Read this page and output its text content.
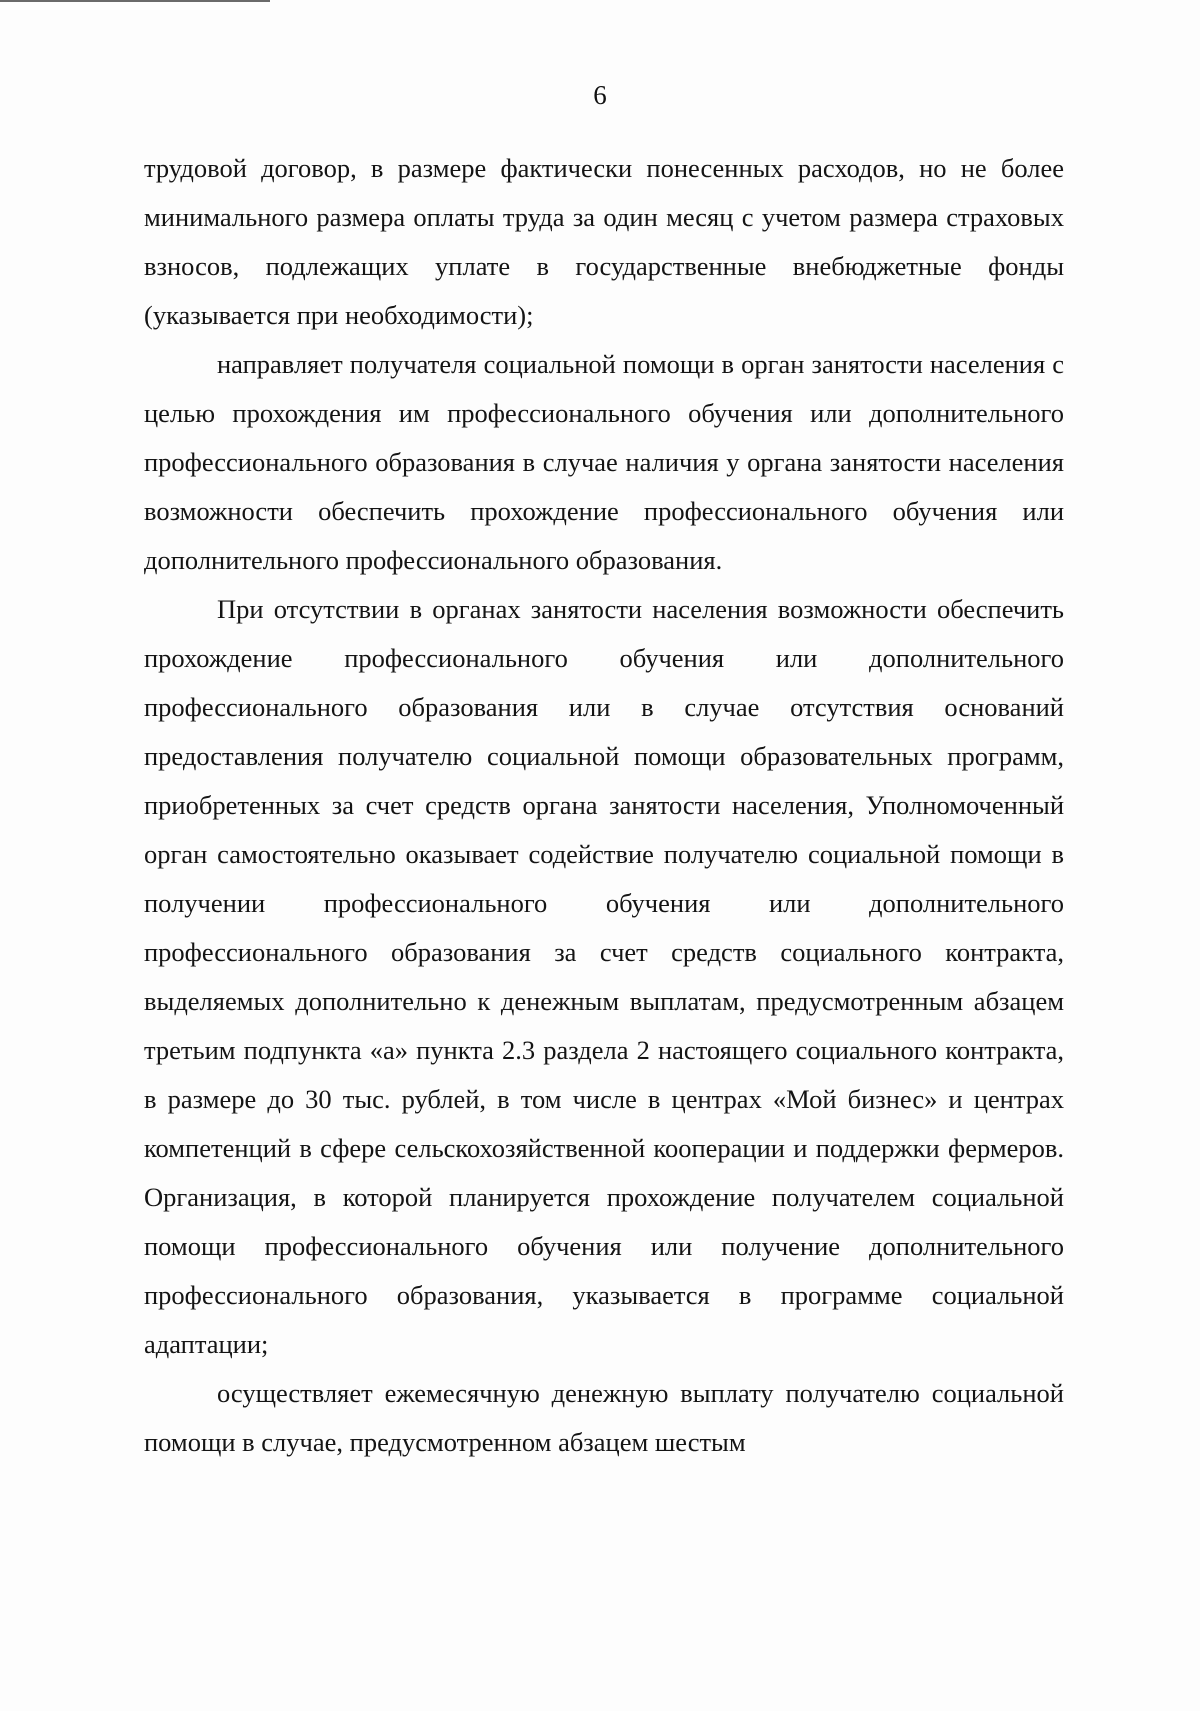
6

трудовой договор, в размере фактически понесенных расходов, но не более минимального размера оплаты труда за один месяц с учетом размера страховых взносов, подлежащих уплате в государственные внебюджетные фонды (указывается при необходимости);

направляет получателя социальной помощи в орган занятости населения с целью прохождения им профессионального обучения или дополнительного профессионального образования в случае наличия у органа занятости населения возможности обеспечить прохождение профессионального обучения или дополнительного профессионального образования.

При отсутствии в органах занятости населения возможности обеспечить прохождение профессионального обучения или дополнительного профессионального образования или в случае отсутствия оснований предоставления получателю социальной помощи образовательных программ, приобретенных за счет средств органа занятости населения, Уполномоченный орган самостоятельно оказывает содействие получателю социальной помощи в получении профессионального обучения или дополнительного профессионального образования за счет средств социального контракта, выделяемых дополнительно к денежным выплатам, предусмотренным абзацем третьим подпункта «а» пункта 2.3 раздела 2 настоящего социального контракта, в размере до 30 тыс. рублей, в том числе в центрах «Мой бизнес» и центрах компетенций в сфере сельскохозяйственной кооперации и поддержки фермеров. Организация, в которой планируется прохождение получателем социальной помощи профессионального обучения или получение дополнительного профессионального образования, указывается в программе социальной адаптации;

осуществляет ежемесячную денежную выплату получателю социальной помощи в случае, предусмотренном абзацем шестым
